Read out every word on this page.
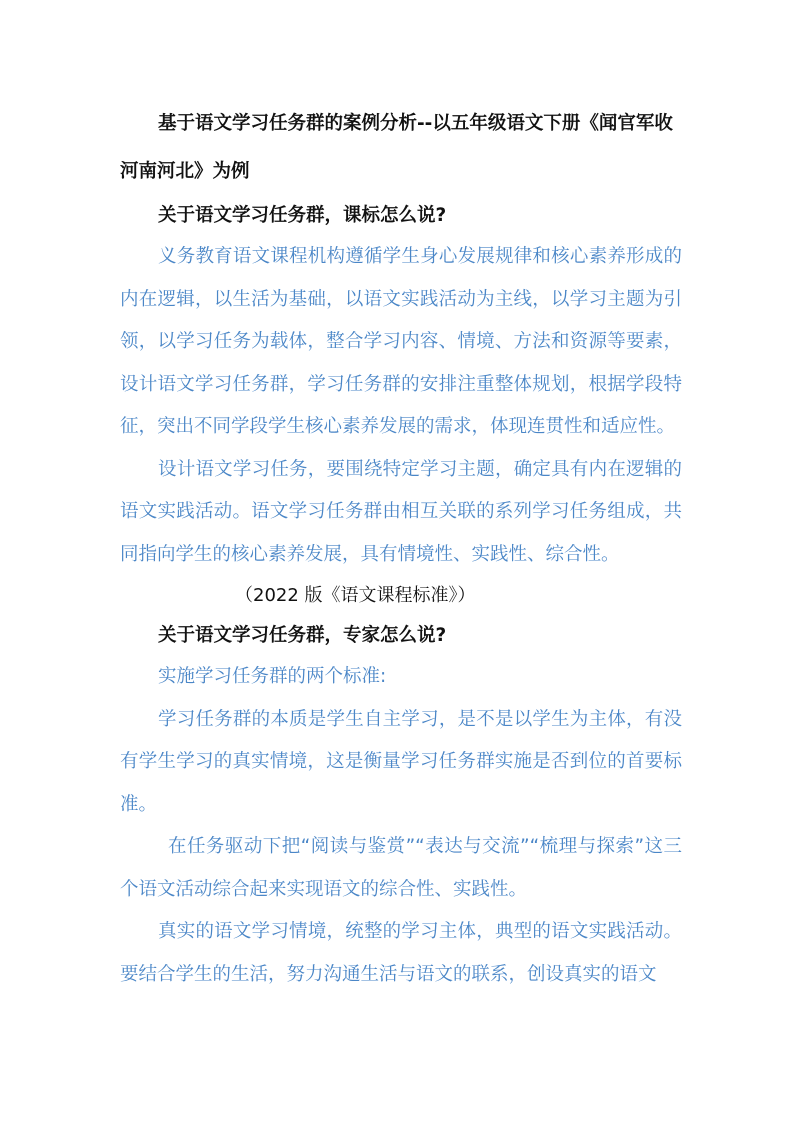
基于语文学习任务群的案例分析--以五年级语文下册《闻官军收河南河北》为例

关于语文学习任务群，课标怎么说?

义务教育语文课程机构遵循学生身心发展规律和核心素养形成的内在逻辑，以生活为基础，以语文实践活动为主线，以学习主题为引领，以学习任务为载体，整合学习内容、情境、方法和资源等要素，设计语文学习任务群，学习任务群的安排注重整体规划，根据学段特征，突出不同学段学生核心素养发展的需求，体现连贯性和适应性。

设计语文学习任务，要围绕特定学习主题，确定具有内在逻辑的语文实践活动。语文学习任务群由相互关联的系列学习任务组成，共同指向学生的核心素养发展，具有情境性、实践性、综合性。

（2022 版《语文课程标准》）

关于语文学习任务群，专家怎么说?

实施学习任务群的两个标准:

学习任务群的本质是学生自主学习，是不是以学生为主体，有没有学生学习的真实情境，这是衡量学习任务群实施是否到位的首要标准。

在任务驱动下把“阅读与鉴赏”“表达与交流”“梳理与探索”这三个语文活动综合起来实现语文的综合性、实践性。

真实的语文学习情境，统整的学习主体，典型的语文实践活动。要结合学生的生活，努力沟通生活与语文的联系，创设真实的语文
